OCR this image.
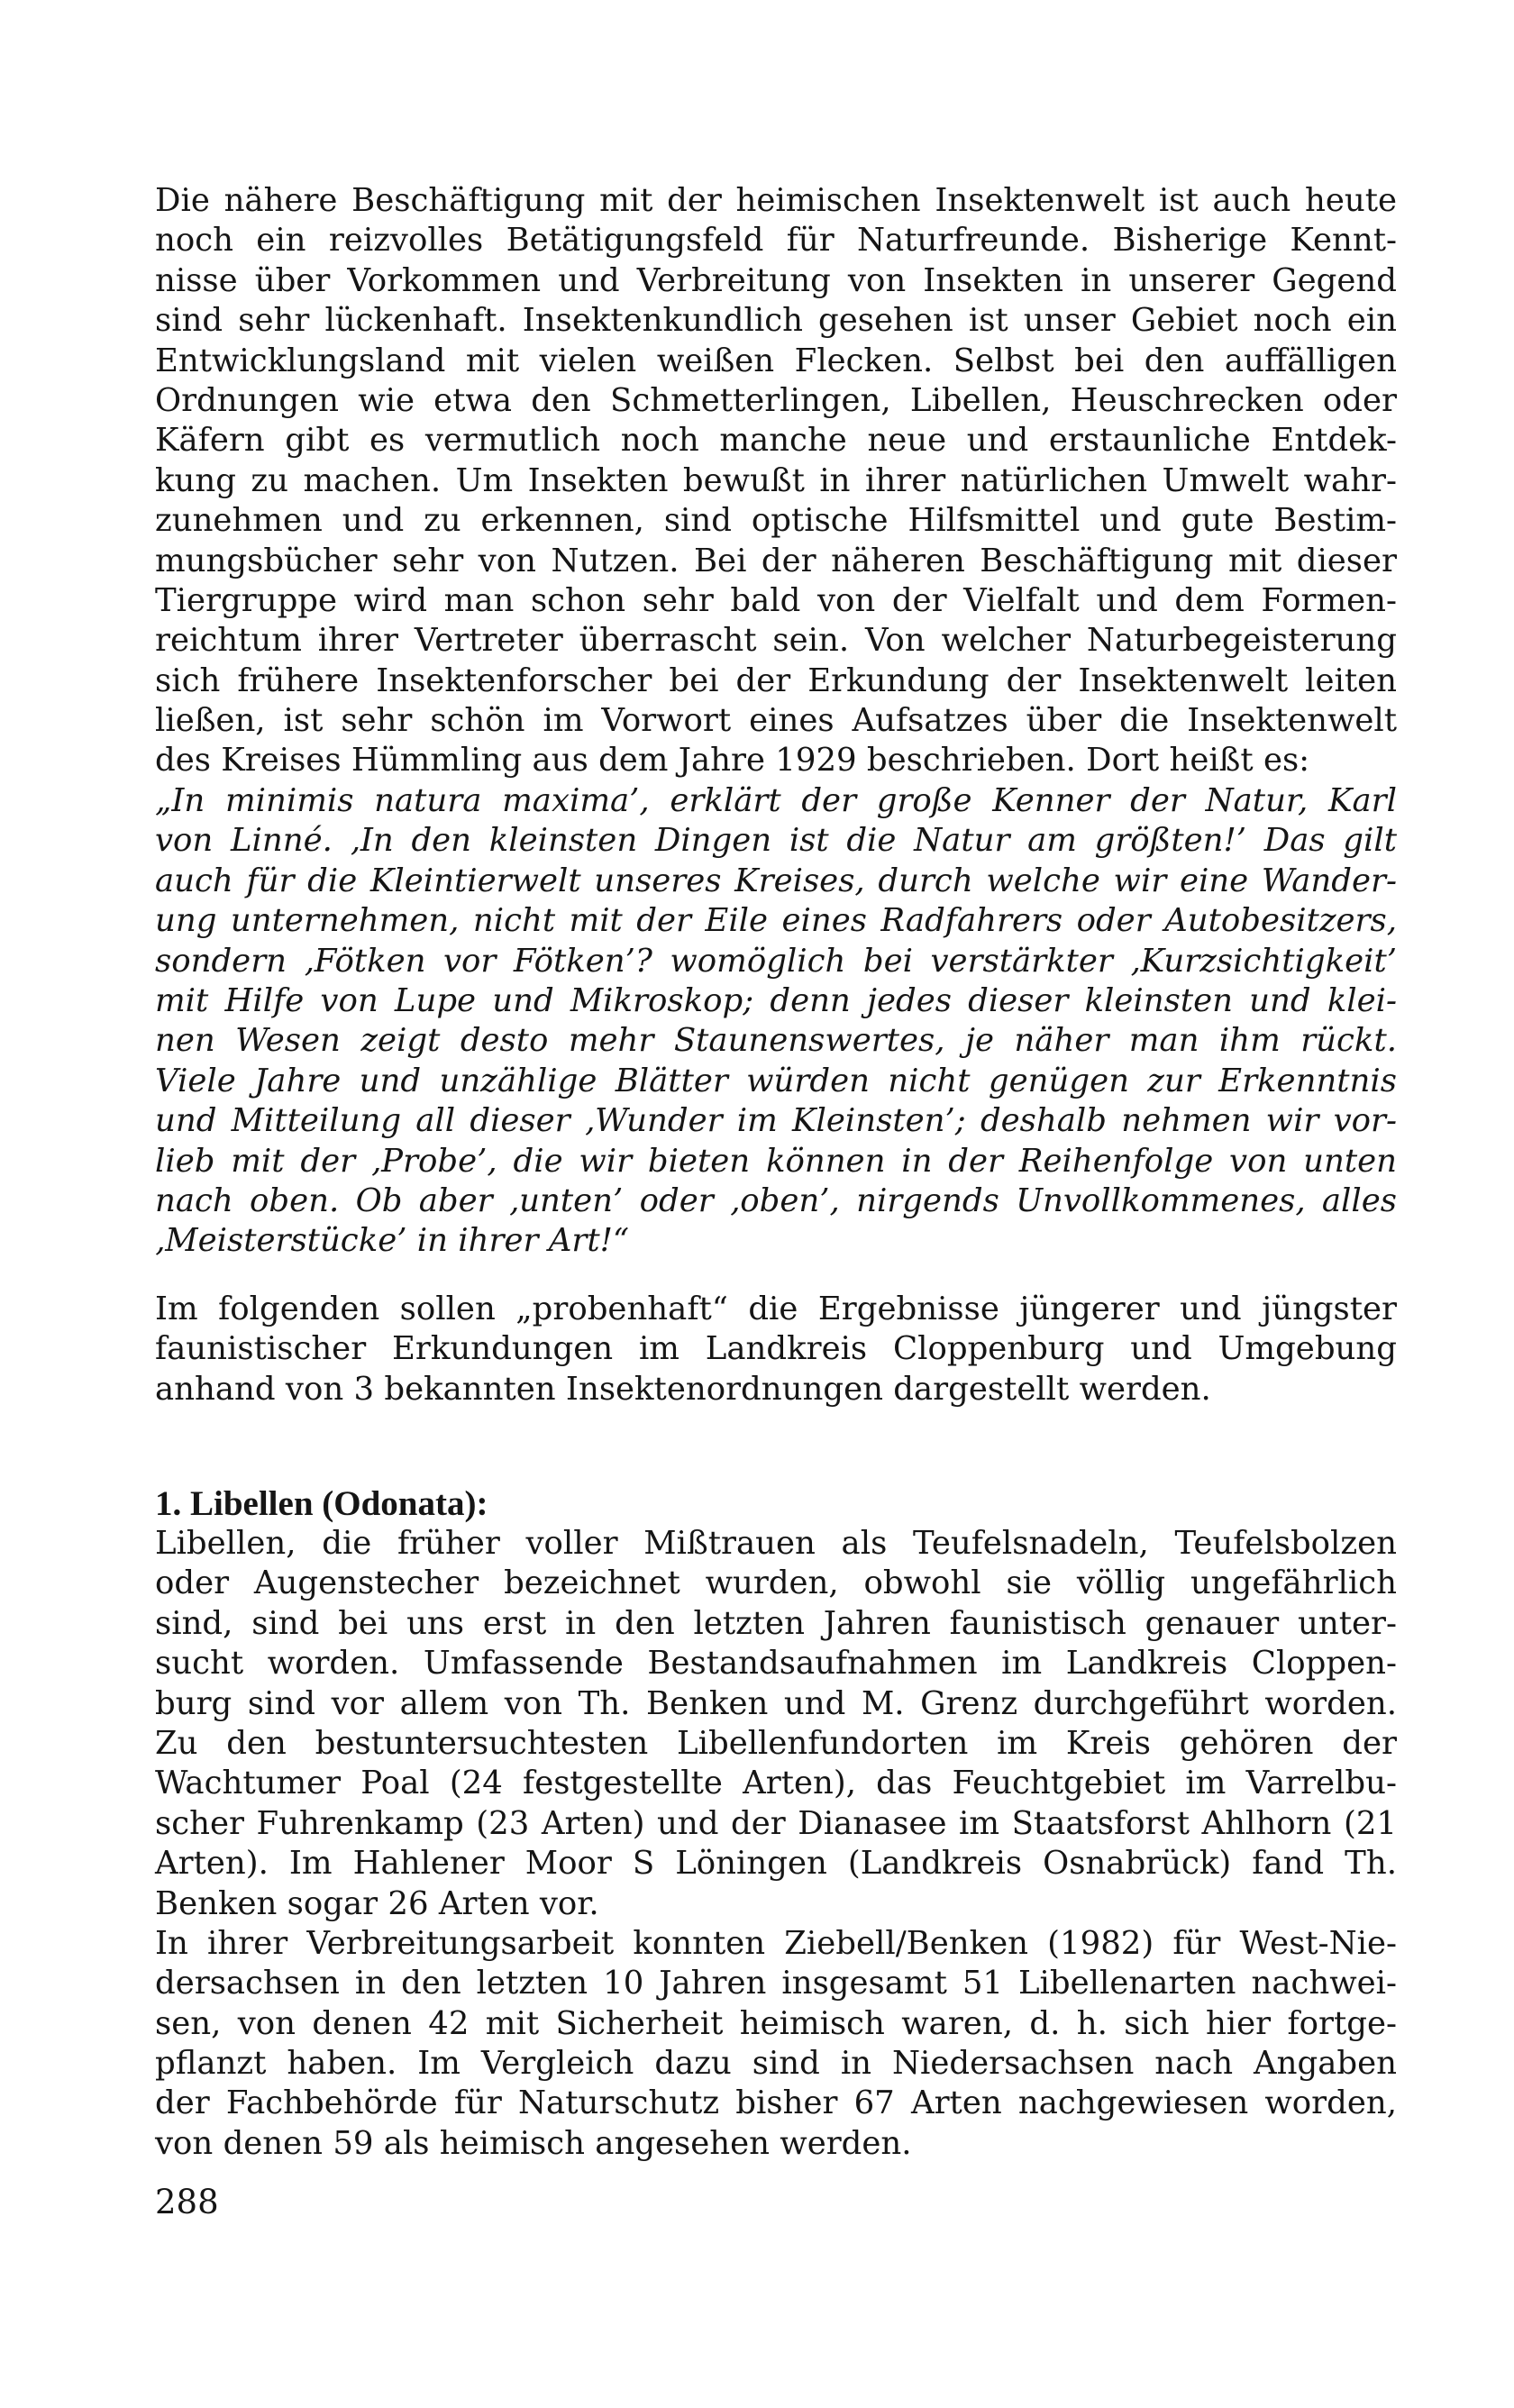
Die nähere Beschäftigung mit der heimischen Insektenwelt ist auch heute
noch ein reizvolles Betätigungsfeld für Naturfreunde. Bisherige Kennt-
nisse über Vorkommen und Verbreitung von Insekten in unserer Gegend
sind sehr lückenhaft. Insektenkundlich gesehen ist unser Gebiet noch ein
Entwicklungsland mit vielen weißen Flecken. Selbst bei den auffälligen
Ordnungen wie etwa den Schmetterlingen, Libellen, Heuschrecken oder
Käfern gibt es vermutlich noch manche neue und erstaunliche Entdek-
kung zu machen. Um Insekten bewußt in ihrer natürlichen Umwelt wahr-
zunehmen und zu erkennen, sind optische Hilfsmittel und gute Bestim-
mungsbücher sehr von Nutzen. Bei der näheren Beschäftigung mit dieser
Tiergruppe wird man schon sehr bald von der Vielfalt und dem Formen-
reichtum ihrer Vertreter überrascht sein. Von welcher Naturbegeisterung
sich frühere Insektenforscher bei der Erkundung der Insektenwelt leiten
ließen, ist sehr schön im Vorwort eines Aufsatzes über die Insektenwelt
des Kreises Hümmling aus dem Jahre 1929 beschrieben. Dort heißt es:
„In minimis natura maxima’, erklärt der große Kenner der Natur, Karl
von Linné. ‚In den kleinsten Dingen ist die Natur am größten!’ Das gilt
auch für die Kleintierwelt unseres Kreises, durch welche wir eine Wander-
ung unternehmen, nicht mit der Eile eines Radfahrers oder Autobesitzers,
sondern ‚Fötken vor Fötken’? womöglich bei verstärkter ‚Kurzsichtigkeit’
mit Hilfe von Lupe und Mikroskop; denn jedes dieser kleinsten und klei-
nen Wesen zeigt desto mehr Staunenswertes, je näher man ihm rückt.
Viele Jahre und unzählige Blätter würden nicht genügen zur Erkenntnis
und Mitteilung all dieser ‚Wunder im Kleinsten’; deshalb nehmen wir vor-
lieb mit der ‚Probe’, die wir bieten können in der Reihenfolge von unten
nach oben. Ob aber ‚unten’ oder ‚oben’, nirgends Unvollkommenes, alles
‚Meisterstücke’ in ihrer Art!“
Im folgenden sollen „probenhaft“ die Ergebnisse jüngerer und jüngster
faunistischer Erkundungen im Landkreis Cloppenburg und Umgebung
anhand von 3 bekannten Insektenordnungen dargestellt werden.
1. Libellen (Odonata):
Libellen, die früher voller Mißtrauen als Teufelsnadeln, Teufelsbolzen
oder Augenstecher bezeichnet wurden, obwohl sie völlig ungefährlich
sind, sind bei uns erst in den letzten Jahren faunistisch genauer unter-
sucht worden. Umfassende Bestandsaufnahmen im Landkreis Cloppen-
burg sind vor allem von Th. Benken und M. Grenz durchgeführt worden.
Zu den bestuntersuchtesten Libellenfundorten im Kreis gehören der
Wachtumer Poal (24 festgestellte Arten), das Feuchtgebiet im Varrelbu-
scher Fuhrenkamp (23 Arten) und der Dianasee im Staatsforst Ahlhorn (21
Arten). Im Hahlener Moor S Löningen (Landkreis Osnabrück) fand Th.
Benken sogar 26 Arten vor.
In ihrer Verbreitungsarbeit konnten Ziebell/Benken (1982) für West-Nie-
dersachsen in den letzten 10 Jahren insgesamt 51 Libellenarten nachwei-
sen, von denen 42 mit Sicherheit heimisch waren, d. h. sich hier fortge-
pflanzt haben. Im Vergleich dazu sind in Niedersachsen nach Angaben
der Fachbehörde für Naturschutz bisher 67 Arten nachgewiesen worden,
von denen 59 als heimisch angesehen werden.
288
